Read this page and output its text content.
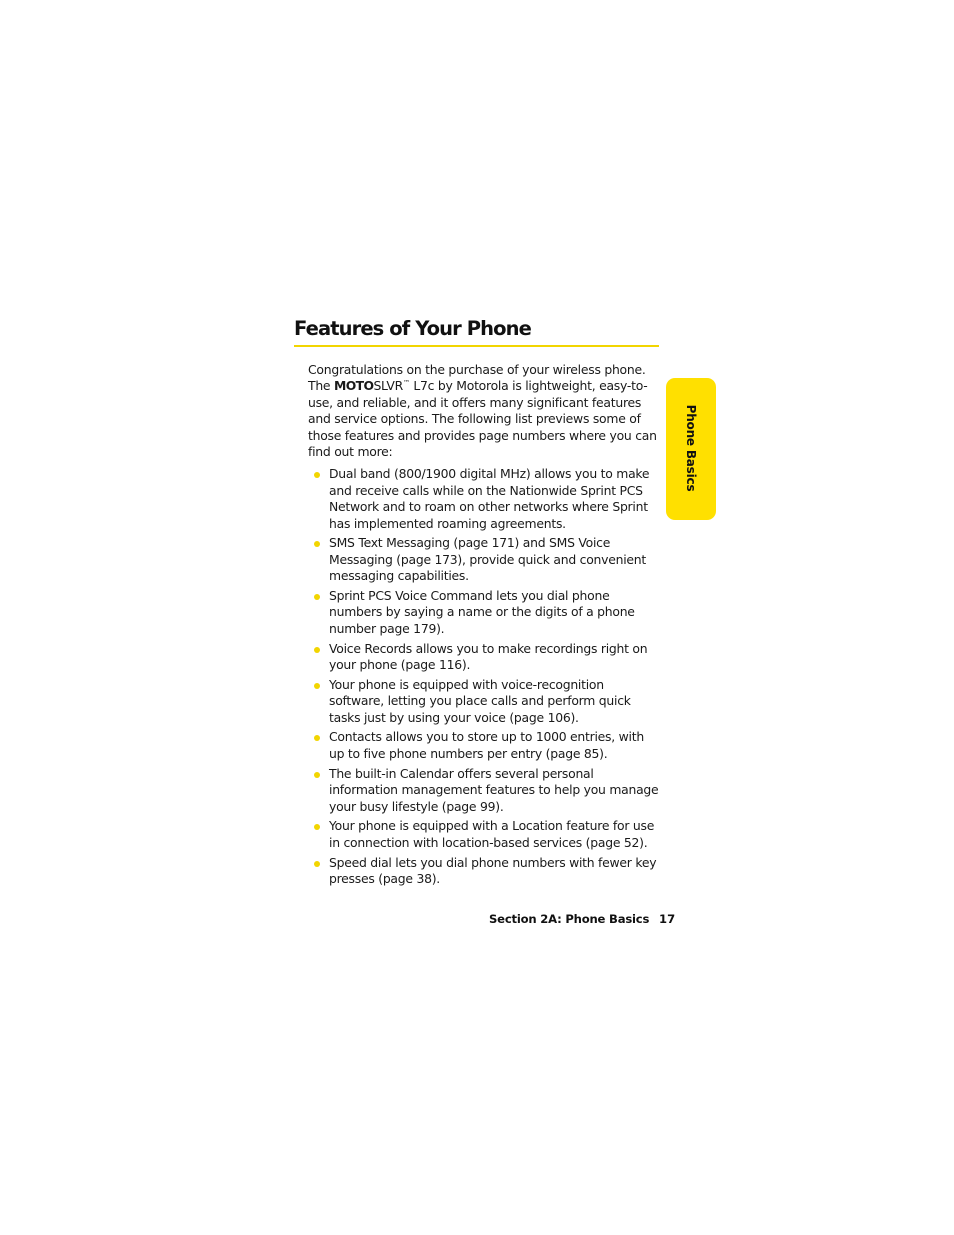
Features of Your Phone
Phone Basics

Congratulations on the purchase of your wireless phone. The MOTOSLVR™ L7c by Motorola is lightweight, easy-to-use, and reliable, and it offers many significant features and service options. The following list previews some of those features and provides page numbers where you can find out more:

Dual band (800/1900 digital MHz) allows you to make and receive calls while on the Nationwide Sprint PCS Network and to roam on other networks where Sprint has implemented roaming agreements.
SMS Text Messaging (page 171) and SMS Voice Messaging (page 173), provide quick and convenient messaging capabilities.
Sprint PCS Voice Command lets you dial phone numbers by saying a name or the digits of a phone number page 179).
Voice Records allows you to make recordings right on your phone (page 116).
Your phone is equipped with voice-recognition software, letting you place calls and perform quick tasks just by using your voice (page 106).
Contacts allows you to store up to 1000 entries, with up to five phone numbers per entry (page 85).
The built-in Calendar offers several personal information management features to help you manage your busy lifestyle (page 99).
Your phone is equipped with a Location feature for use in connection with location-based services (page 52).
Speed dial lets you dial phone numbers with fewer key presses (page 38).
Section 2A: Phone Basics 17
